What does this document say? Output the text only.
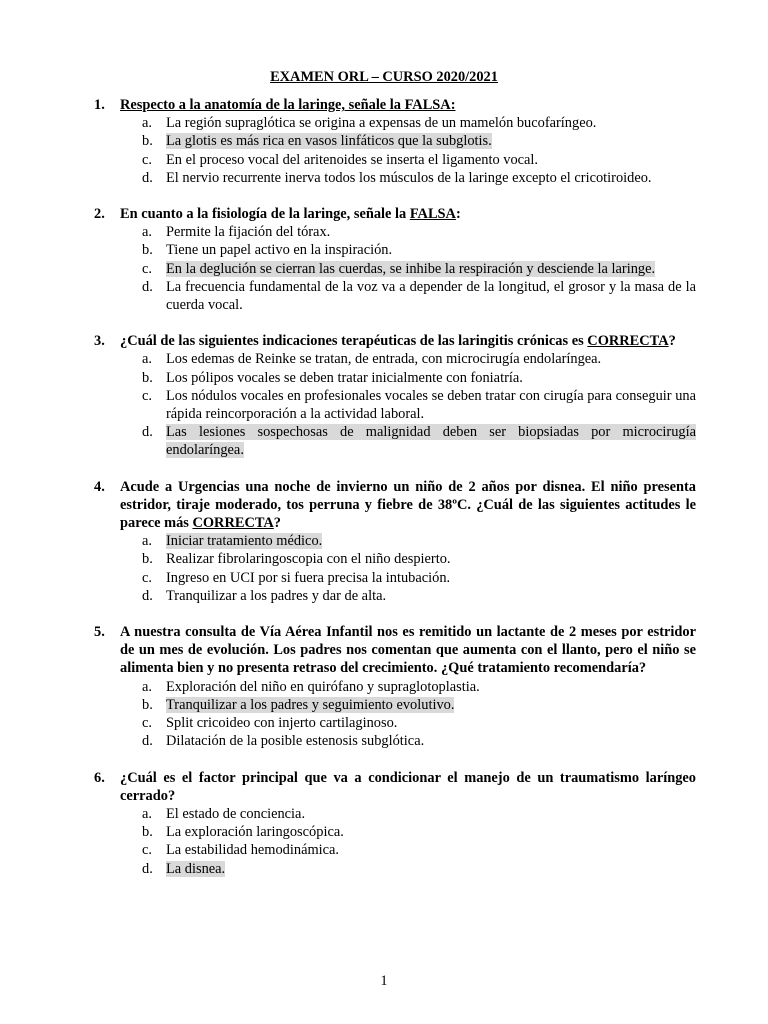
EXAMEN ORL – CURSO 2020/2021
1.	Respecto a la anatomía de la laringe, señale la FALSA:
a. La región supraglótica se origina a expensas de un mamelón bucofaríngeo.
b. La glotis es más rica en vasos linfáticos que la subglotis.
c. En el proceso vocal del aritenoides se inserta el ligamento vocal.
d. El nervio recurrente inerva todos los músculos de la laringe excepto el cricotiroideo.
2.	En cuanto a la fisiología de la laringe, señale la FALSA:
a. Permite la fijación del tórax.
b. Tiene un papel activo en la inspiración.
c. En la deglución se cierran las cuerdas, se inhibe la respiración y desciende la laringe.
d. La frecuencia fundamental de la voz va a depender de la longitud, el grosor y la masa de la cuerda vocal.
3.	¿Cuál de las siguientes indicaciones terapéuticas de las laringitis crónicas es CORRECTA?
a. Los edemas de Reinke se tratan, de entrada, con microcirugía endolaríngea.
b. Los pólipos vocales se deben tratar inicialmente con foniatría.
c. Los nódulos vocales en profesionales vocales se deben tratar con cirugía para conseguir una rápida reincorporación a la actividad laboral.
d. Las lesiones sospechosas de malignidad deben ser biopsiadas por microcirugía endolaríngea.
4.	Acude a Urgencias una noche de invierno un niño de 2 años por disnea. El niño presenta estridor, tiraje moderado, tos perruna y fiebre de 38ºC. ¿Cuál de las siguientes actitudes le parece más CORRECTA?
a. Iniciar tratamiento médico.
b. Realizar fibrolaringoscopia con el niño despierto.
c. Ingreso en UCI por si fuera precisa la intubación.
d. Tranquilizar a los padres y dar de alta.
5.	A nuestra consulta de Vía Aérea Infantil nos es remitido un lactante de 2 meses por estridor de un mes de evolución. Los padres nos comentan que aumenta con el llanto, pero el niño se alimenta bien y no presenta retraso del crecimiento. ¿Qué tratamiento recomendaría?
a. Exploración del niño en quirófano y supraglotoplastia.
b. Tranquilizar a los padres y seguimiento evolutivo.
c. Split cricoideo con injerto cartilaginoso.
d. Dilatación de la posible estenosis subglótica.
6.	¿Cuál es el factor principal que va a condicionar el manejo de un traumatismo laríngeo cerrado?
a. El estado de conciencia.
b. La exploración laringoscópica.
c. La estabilidad hemodinámica.
d. La disnea.
1
